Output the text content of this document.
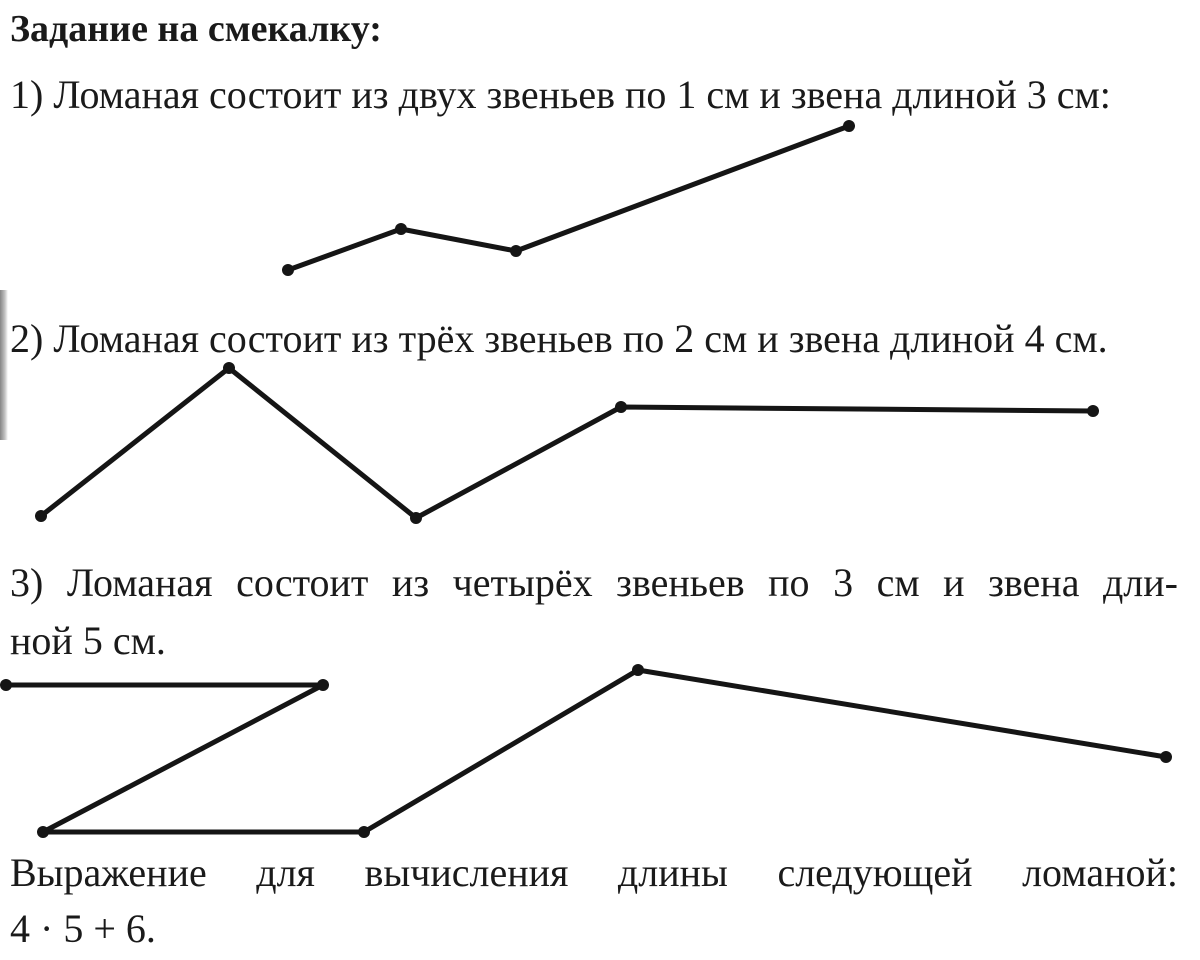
Задание на смекалку:
1) Ломаная состоит из двух звеньев по 1 см и звена длиной 3 см:
2) Ломаная состоит из трёх звеньев по 2 см и звена длиной 4 см.
3) Ломаная состоит из четырёх звеньев по 3 см и звена дли-
ной 5 см.
Выражение для вычисления длины следующей ломаной:
4 · 5 + 6.
